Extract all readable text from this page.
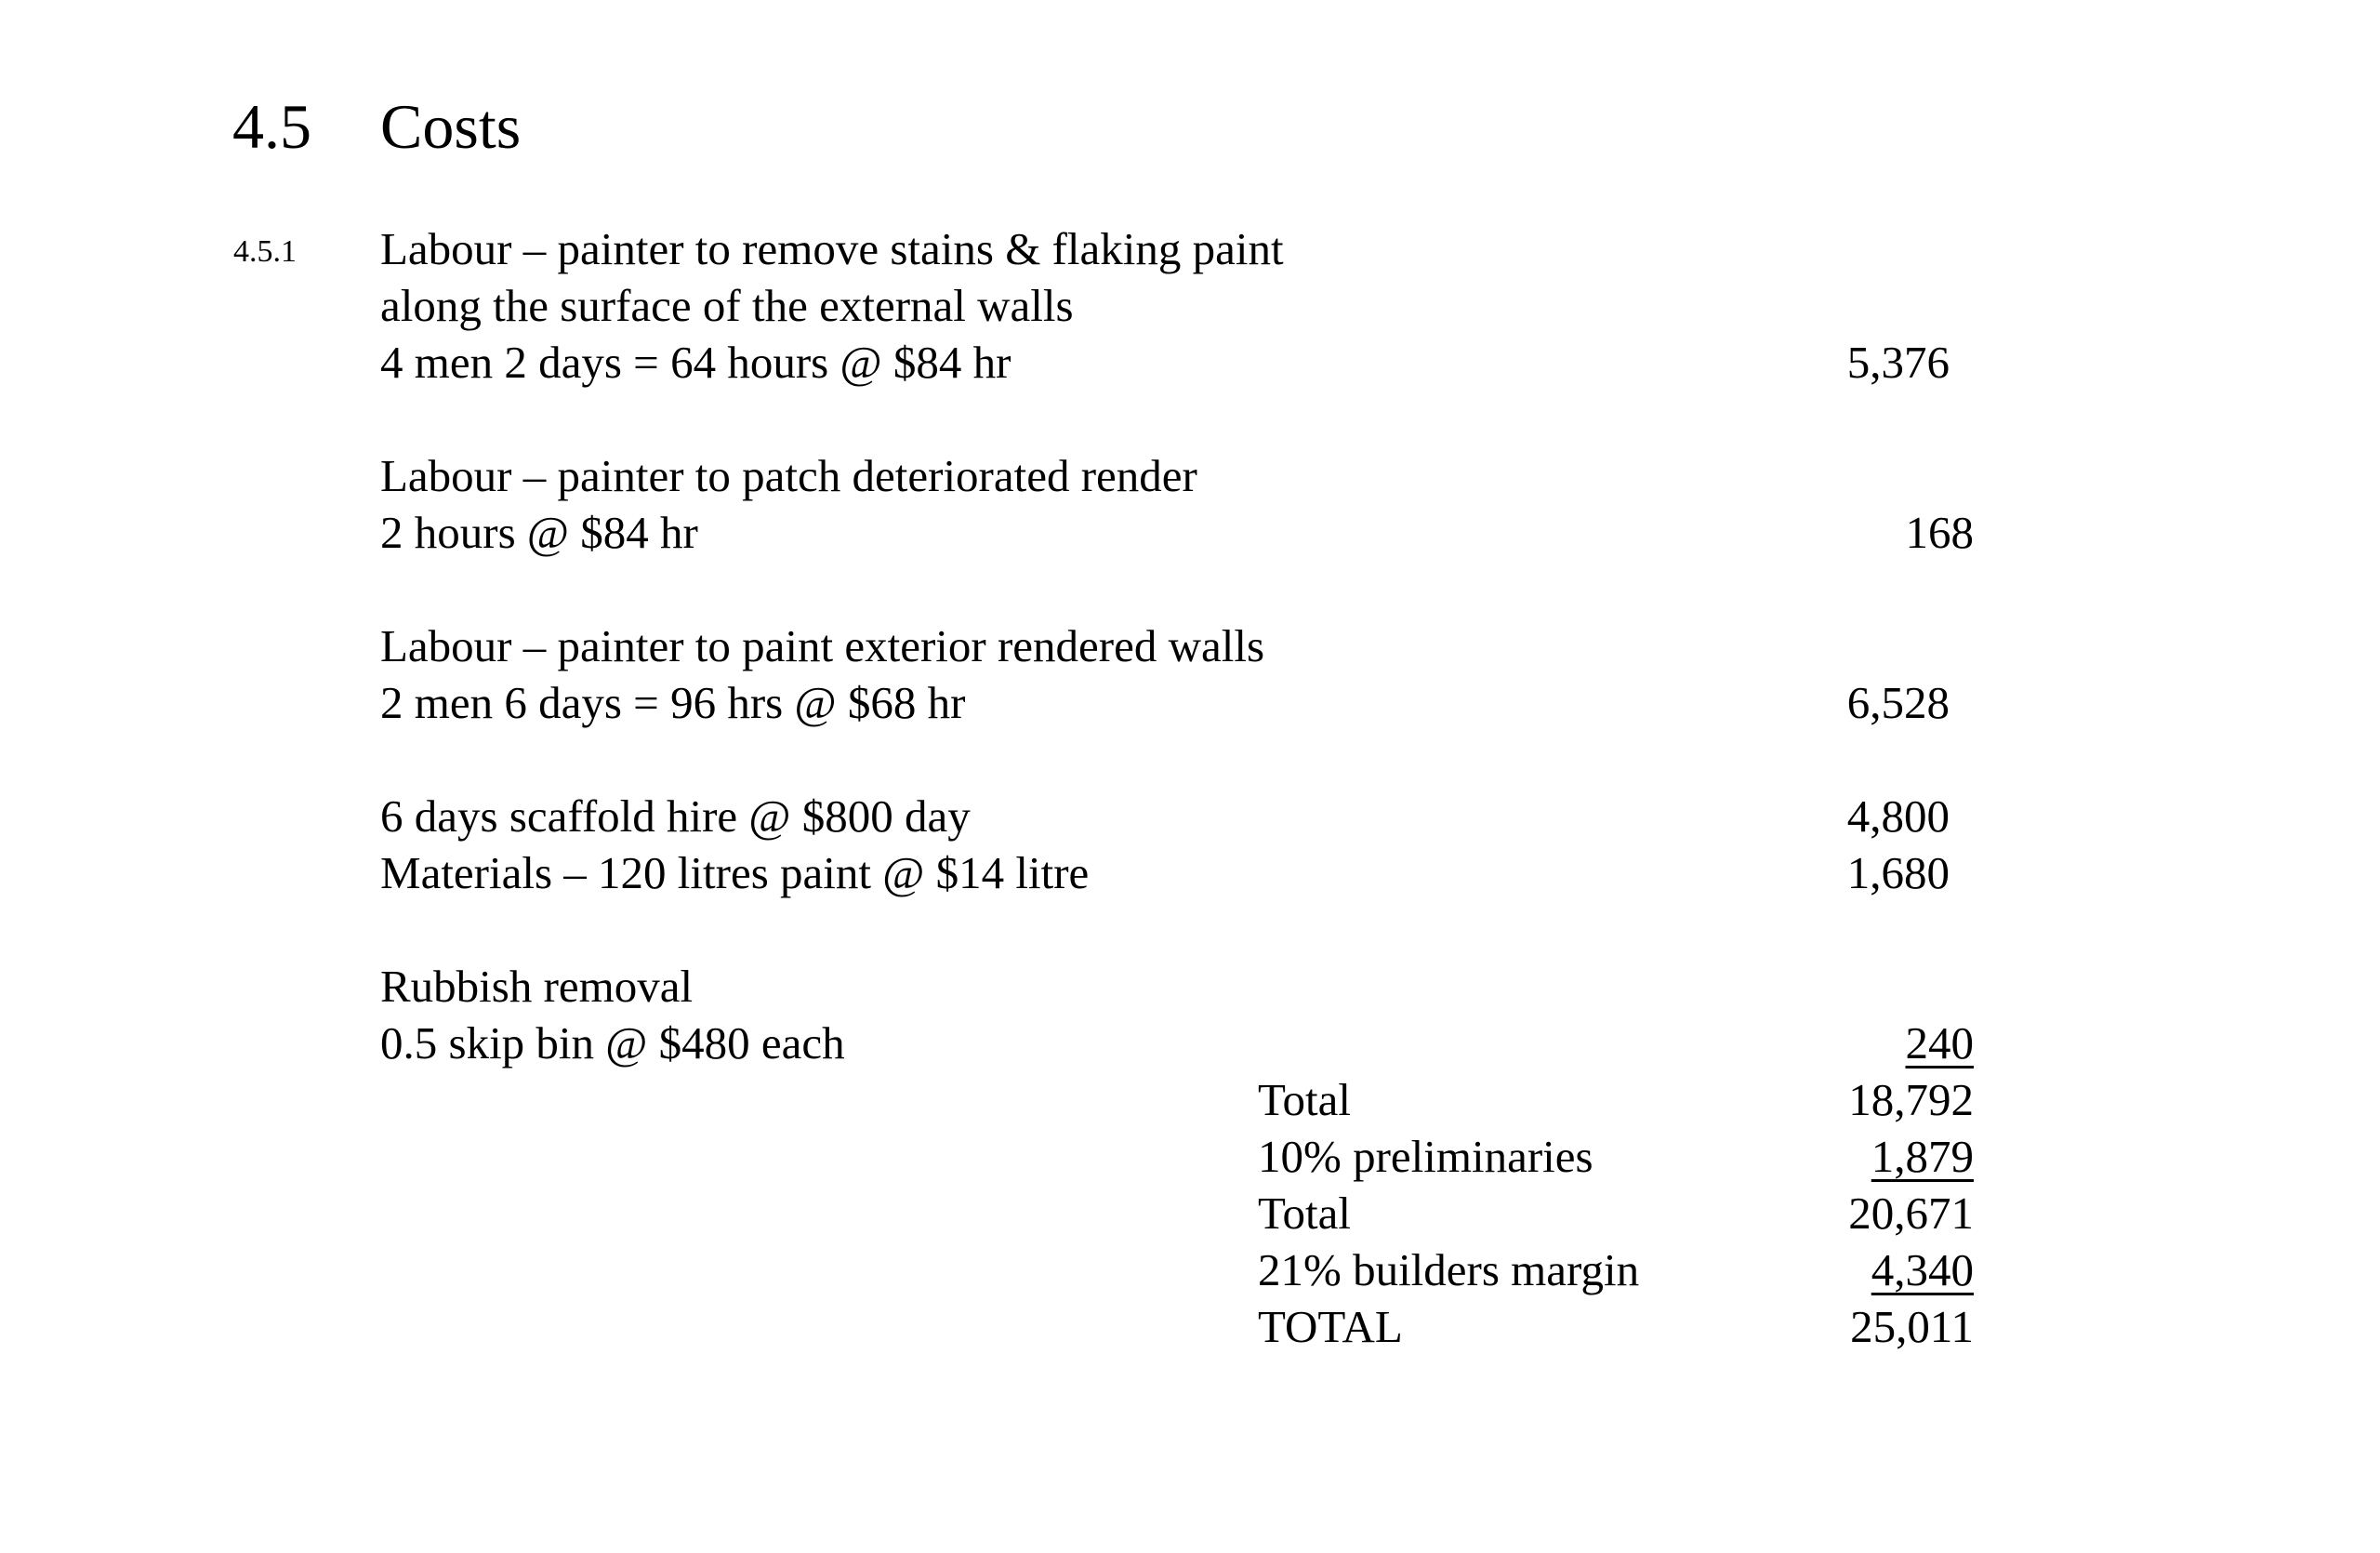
4.5 Costs
4.5.1 Labour – painter to remove stains & flaking paint
along the surface of the external walls
4 men 2 days = 64 hours @ $84 hr	5,376
Labour – painter to patch deteriorated render
2 hours @ $84 hr	168
Labour – painter to paint exterior rendered walls
2 men 6 days = 96 hrs @ $68 hr	6,528
6 days scaffold hire @ $800 day	4,800
Materials – 120 litres paint @ $14 litre	1,680
Rubbish removal
0.5 skip bin @ $480 each	240
Total	18,792
10% preliminaries	1,879
Total	20,671
21% builders margin	4,340
TOTAL	25,011
